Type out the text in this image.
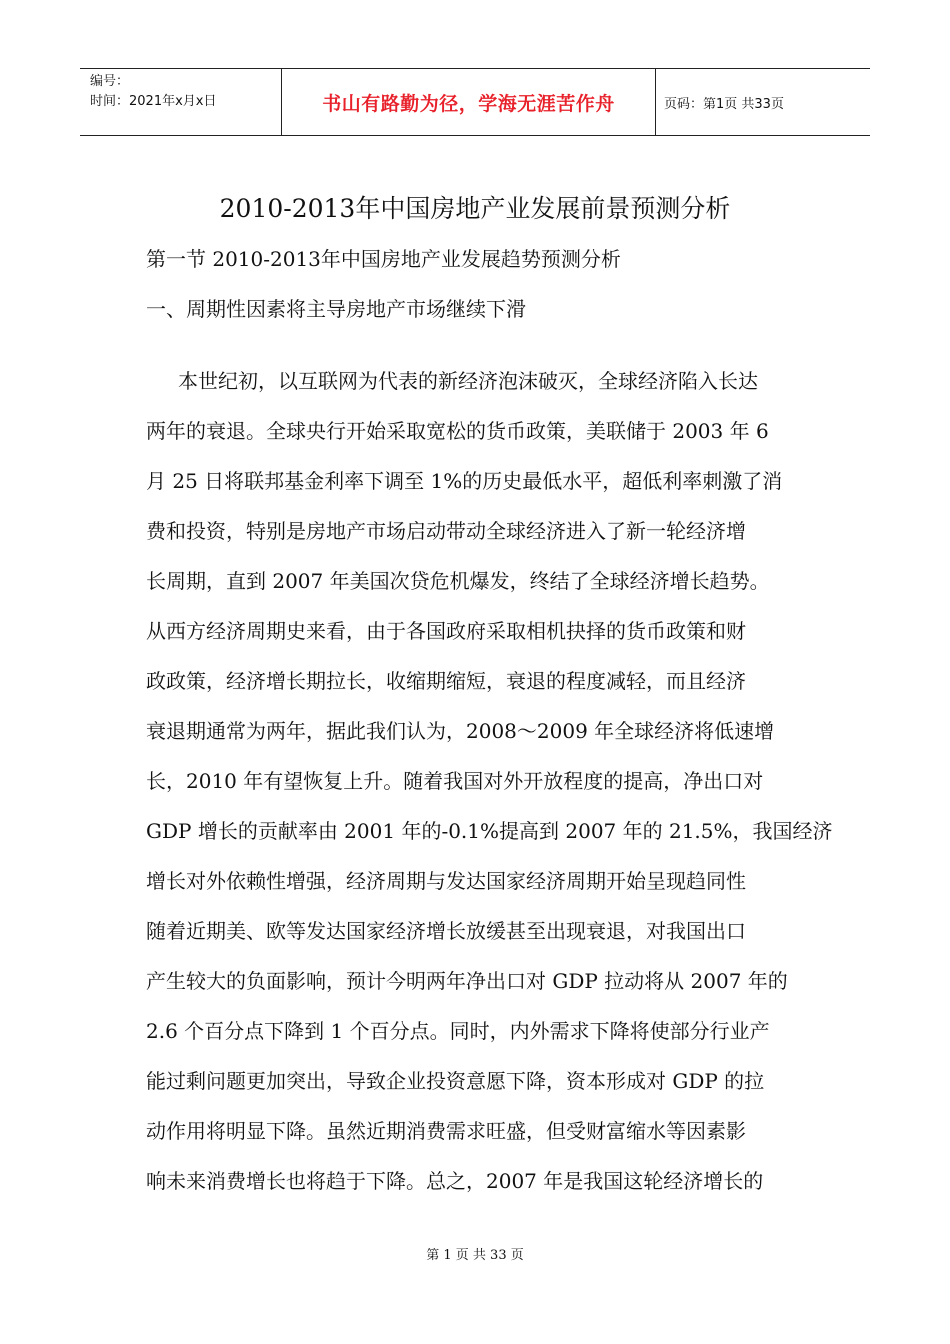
编号：
时间：2021年x月x日	书山有路勤为径，学海无涯苦作舟	页码：第1页 共33页
2010-2013年中国房地产业发展前景预测分析
第一节 2010-2013年中国房地产业发展趋势预测分析
一、周期性因素将主导房地产市场继续下滑
本世纪初，以互联网为代表的新经济泡沫破灭，全球经济陷入长达
两年的衰退。全球央行开始采取宽松的货币政策，美联储于 2003 年 6
月 25 日将联邦基金利率下调至 1%的历史最低水平，超低利率刺激了消
费和投资，特别是房地产市场启动带动全球经济进入了新一轮经济增
长周期，直到 2007 年美国次贷危机爆发，终结了全球经济增长趋势。
从西方经济周期史来看，由于各国政府采取相机抉择的货币政策和财
政政策，经济增长期拉长，收缩期缩短，衰退的程度减轻，而且经济
衰退期通常为两年，据此我们认为，2008～2009 年全球经济将低速增
长，2010 年有望恢复上升。随着我国对外开放程度的提高，净出口对
GDP 增长的贡献率由 2001 年的-0.1%提高到 2007 年的 21.5%，我国经济
增长对外依赖性增强，经济周期与发达国家经济周期开始呈现趋同性
随着近期美、欧等发达国家经济增长放缓甚至出现衰退，对我国出口
产生较大的负面影响，预计今明两年净出口对 GDP 拉动将从 2007 年的
2.6 个百分点下降到 1 个百分点。同时，内外需求下降将使部分行业产
能过剩问题更加突出，导致企业投资意愿下降，资本形成对 GDP 的拉
动作用将明显下降。虽然近期消费需求旺盛，但受财富缩水等因素影
响未来消费增长也将趋于下降。总之，2007 年是我国这轮经济增长的
第 1 页 共 33 页
